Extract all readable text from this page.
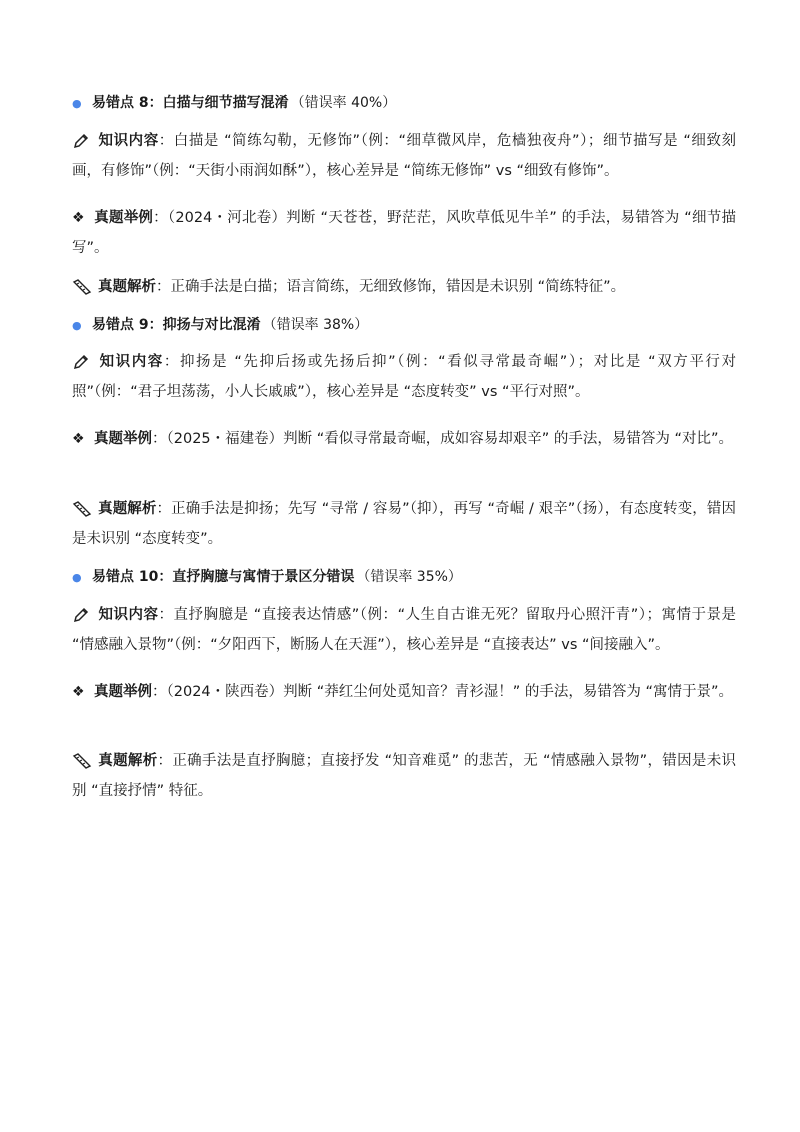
● 易错点 8：白描与细节描写混淆 （错误率 40%）
知识内容：白描是 “简练勾勒，无修饰”（例：“细草微风岸，危樯独夜舟”）；细节描写是 “细致刻画，有修饰”（例：“天街小雨润如酥”），核心差异是 “简练无修饰” vs “细致有修饰”。
❖ 真题举例：（2024・河北卷）判断 “天苍苍，野茫茫，风吹草低见牛羊” 的手法，易错答为 “细节描写”。
真题解析：正确手法是白描；语言简练，无细致修饰，错因是未识别 “简练特征”。
● 易错点 9：抑扬与对比混淆 （错误率 38%）
知识内容：抑扬是 “先抑后扬或先扬后抑”（例：“看似寻常最奇崛”）；对比是 “双方平行对照”（例：“君子坦荡荡，小人长戚戚”），核心差异是 “态度转变” vs “平行对照”。
❖ 真题举例：（2025・福建卷）判断 “看似寻常最奇崛，成如容易却艰辛” 的手法，易错答为 “对比”。
真题解析：正确手法是抑扬；先写 “寻常 / 容易”（抑），再写 “奇崛 / 艰辛”（扬），有态度转变，错因是未识别 “态度转变”。
● 易错点 10：直抒胸臆与寓情于景区分错误 （错误率 35%）
知识内容：直抒胸臆是 “直接表达情感”（例：“人生自古谁无死？留取丹心照汗青”）；寓情于景是 “情感融入景物”（例：“夕阳西下，断肠人在天涯”），核心差异是 “直接表达” vs “间接融入”。
❖ 真题举例：（2024・陕西卷）判断 “莽红尘何处觅知音？青衫湿！” 的手法，易错答为 “寓情于景”。
真题解析：正确手法是直抒胸臆；直接抒发 “知音难觅” 的悲苦，无 “情感融入景物”，错因是未识别 “直接抒情” 特征。
